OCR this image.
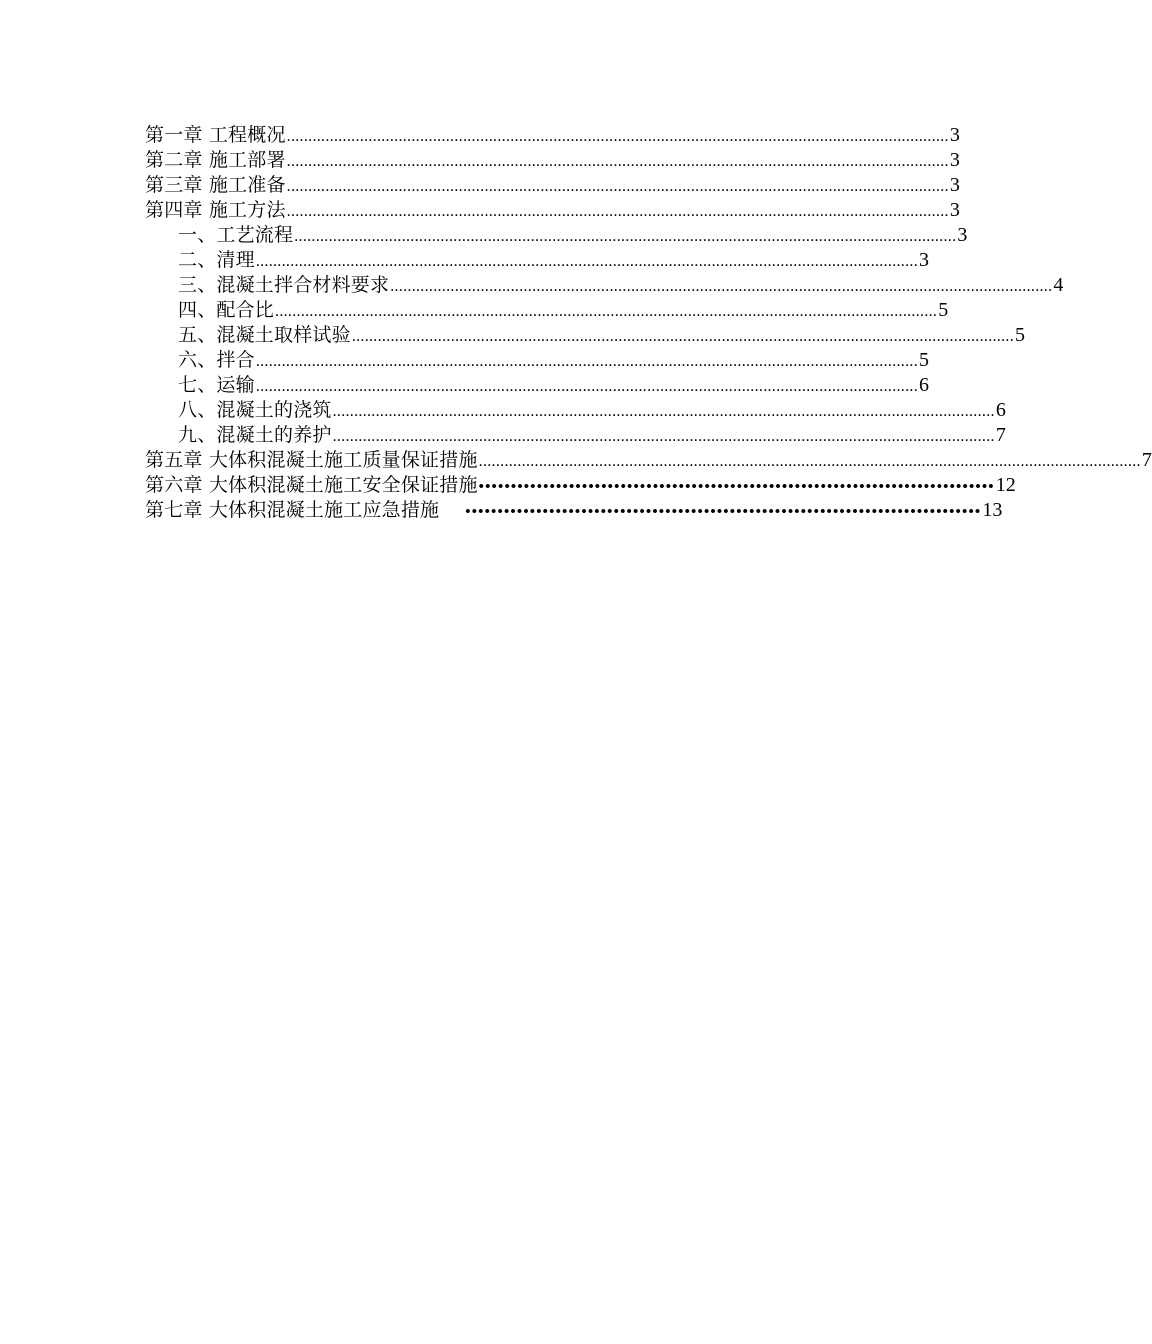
第一章 工程概况 .......................................................................................................................................................... 3
第二章 施工部署 .......................................................................................................................................................... 3
第三章 施工准备 .......................................................................................................................................................... 3
第四章 施工方法 .......................................................................................................................................................... 3
一、工艺流程 .......................................................................................................................................................... 3
二、清理 .......................................................................................................................................................... 3
三、混凝土拌合材料要求 .......................................................................................................................................................... 4
四、配合比 .......................................................................................................................................................... 5
五、混凝土取样试验 .......................................................................................................................................................... 5
六、拌合 .......................................................................................................................................................... 5
七、运输 .......................................................................................................................................................... 6
八、混凝土的浇筑 .......................................................................................................................................................... 6
九、混凝土的养护 .......................................................................................................................................................... 7
第五章 大体积混凝土施工质量保证措施 .......................................................................................................................................................... 7
第六章 大体积混凝土施工安全保证措施 •••••••••••••••••••••••••••••••••••••••••••••••••••••••••••••••••••••••••••••••• 12
第七章 大体积混凝土施工应急措施 •••••••••••••••••••••••••••••••••••••••••••••••••••••••••••••••••••••••••••••••• 13
